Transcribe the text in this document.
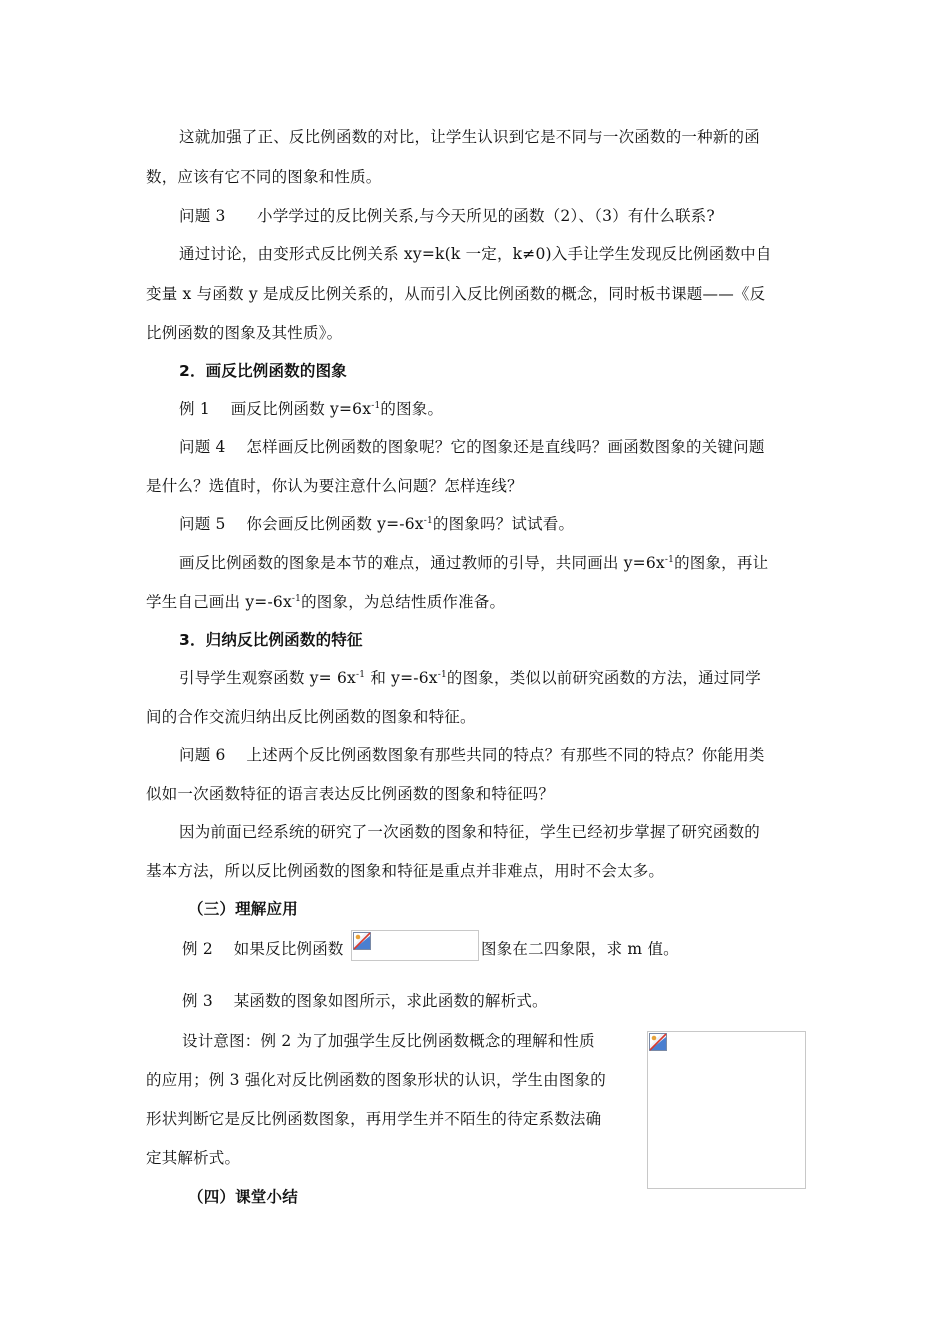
这就加强了正、反比例函数的对比，让学生认识到它是不同与一次函数的一种新的函
数，应该有它不同的图象和性质。
问题 3　　小学学过的反比例关系,与今天所见的函数（2）、（3）有什么联系?
通过讨论，由变形式反比例关系 xy=k(k 一定，k≠0)入手让学生发现反比例函数中自
变量 x 与函数 y 是成反比例关系的，从而引入反比例函数的概念，同时板书课题——《反
比例函数的图象及其性质》。
2．画反比例函数的图象
例 1　 画反比例函数 $y=6x^{-1}$的图象。
问题 4　 怎样画反比例函数的图象呢？它的图象还是直线吗？画函数图象的关键问题
是什么？选值时，你认为要注意什么问题？怎样连线？
问题 5　 你会画反比例函数 $y=-6x^{-1}$的图象吗？试试看。
画反比例函数的图象是本节的难点，通过教师的引导，共同画出 $y=6x^{-1}$的图象，再让
学生自己画出 $y=-6x^{-1}$的图象，为总结性质作准备。
3．归纳反比例函数的特征
引导学生观察函数 $y= 6x^{-1}$ 和 $y=-6x^{-1}$的图象，类似以前研究函数的方法，通过同学
间的合作交流归纳出反比例函数的图象和特征。
问题 6　 上述两个反比例函数图象有那些共同的特点？有那些不同的特点？你能用类
似如一次函数特征的语言表达反比例函数的图象和特征吗？
因为前面已经系统的研究了一次函数的图象和特征，学生已经初步掌握了研究函数的
基本方法，所以反比例函数的图象和特征是重点并非难点，用时不会太多。
（三）理解应用
例 2　 如果反比例函数	图象在二四象限，求 m 值。
例 3　 某函数的图象如图所示，求此函数的解析式。
设计意图：例 2 为了加强学生反比例函数概念的理解和性质
的应用；例 3 强化对反比例函数的图象形状的认识，学生由图象的
形状判断它是反比例函数图象，再用学生并不陌生的待定系数法确
定其解析式。
（四）课堂小结
